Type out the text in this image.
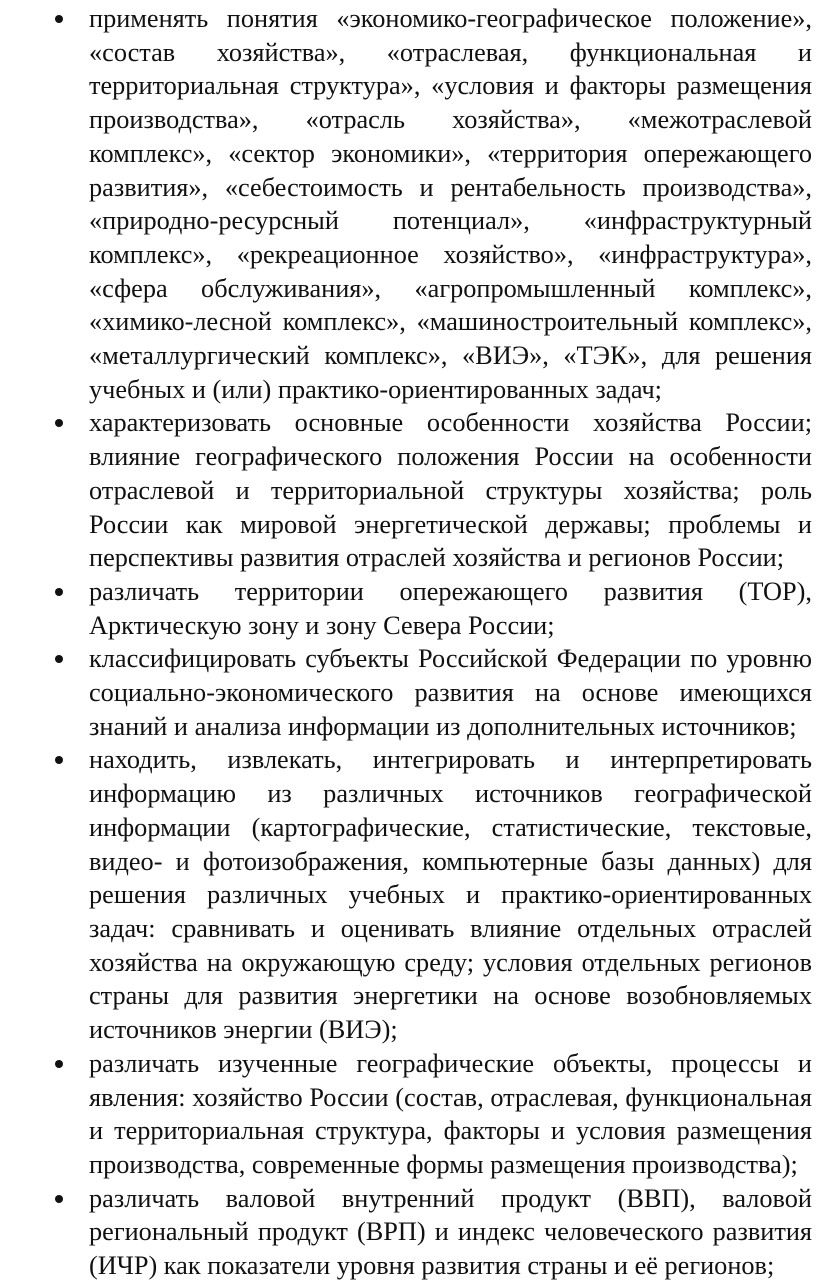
применять понятия «экономико-географическое положение», «состав хозяйства», «отраслевая, функциональная и территориальная структура», «условия и факторы размещения производства», «отрасль хозяйства», «межотраслевой комплекс», «сектор экономики», «территория опережающего развития», «себестоимость и рентабельность производства», «природно-ресурсный потенциал», «инфраструктурный комплекс», «рекреационное хозяйство», «инфраструктура», «сфера обслуживания», «агропромышленный комплекс», «химико-лесной комплекс», «машиностроительный комплекс», «металлургический комплекс», «ВИЭ», «ТЭК», для решения учебных и (или) практико-ориентированных задач;
характеризовать основные особенности хозяйства России; влияние географического положения России на особенности отраслевой и территориальной структуры хозяйства; роль России как мировой энергетической державы; проблемы и перспективы развития отраслей хозяйства и регионов России;
различать территории опережающего развития (ТОР), Арктическую зону и зону Севера России;
классифицировать субъекты Российской Федерации по уровню социально-экономического развития на основе имеющихся знаний и анализа информации из дополнительных источников;
находить, извлекать, интегрировать и интерпретировать информацию из различных источников географической информации (картографические, статистические, текстовые, видео- и фотоизображения, компьютерные базы данных) для решения различных учебных и практико-ориентированных задач: сравнивать и оценивать влияние отдельных отраслей хозяйства на окружающую среду; условия отдельных регионов страны для развития энергетики на основе возобновляемых источников энергии (ВИЭ);
различать изученные географические объекты, процессы и явления: хозяйство России (состав, отраслевая, функциональная и территориальная структура, факторы и условия размещения производства, современные формы размещения производства);
различать валовой внутренний продукт (ВВП), валовой региональный продукт (ВРП) и индекс человеческого развития (ИЧР) как показатели уровня развития страны и её регионов;
